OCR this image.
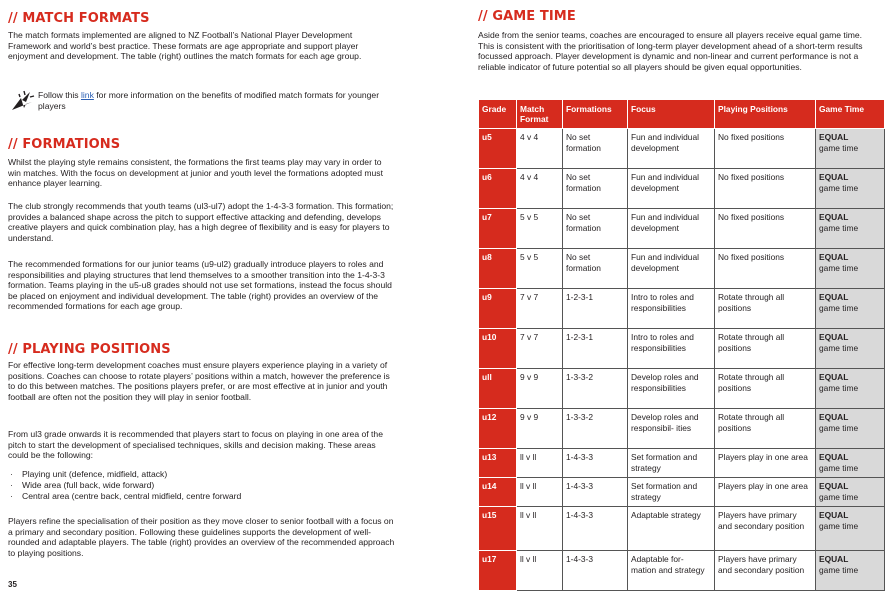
// MATCH FORMATS

The match formats implemented are aligned to NZ Football’s National Player Development Framework and world’s best practice. These formats are age appropriate and support player enjoyment and development. The table (right) outlines the match formats for each age group.

Follow this link for more information on the benefits of modified match formats for younger players
// FORMATIONS

Whilst the playing style remains consistent, the formations the first teams play may vary in order to win matches. With the focus on development at junior and youth level the formations adopted must enhance player learning.

The club strongly recommends that youth teams (ul3-ul7) adopt the 1-4-3-3 formation. This formation; provides a balanced shape across the pitch to support effective attacking and defending, develops creative players and quick combination play, has a high degree of flexibility and is easy for players to understand.

The recommended formations for our junior teams (u9-ul2) gradually introduce players to roles and responsibilities and playing structures that lend themselves to a smoother transition into the 1-4-3-3 formation. Teams playing in the u5-u8 grades should not use set formations, instead the focus should be placed on enjoyment and individual development. The table (right) provides an overview of the recommended formations for each age group.

// PLAYING POSITIONS

For effective long-term development coaches must ensure players experience playing in a variety of positions. Coaches can choose to rotate players’ positions within a match, however the preference is to do this between matches. The positions players prefer, or are most effective at in junior and youth football are often not the position they will play in senior football.

From ul3 grade onwards it is recommended that players start to focus on playing in one area of the pitch to start the development of specialised techniques, skills and decision making. These areas could be the following:

· Playing unit (defence, midfield, attack)
· Wide area (full back, wide forward)
· Central area (centre back, central midfield, centre forward

Players refine the specialisation of their position as they move closer to senior football with a focus on a primary and secondary position. Following these guidelines supports the development of well-rounded and adaptable players. The table (right) provides an overview of the recommended approach to playing positions.

35
// GAME TIME

Aside from the senior teams, coaches are encouraged to ensure all players receive equal game time. This is consistent with the prioritisation of long-term player development ahead of a short-term results focussed approach. Player development is dynamic and non-linear and current performance is not a reliable indicator of future potential so all players should be given equal opportunities.

Grade	Match Format	Formations	Focus	Playing Positions	Game Time
u5	4 v 4	No set formation	Fun and individual development	No fixed positions	EQUAL
game time

u6	4 v 4	No set formation	Fun and individual development	No fixed positions	EQUAL
game time

u7	5 v 5	No set formation	Fun and individual development	No fixed positions	EQUAL
game time

u8	5 v 5	No set formation	Fun and individual development	No fixed positions	EQUAL
game time

u9	7 v 7	1-2-3-1	Intro to roles and responsibilities	Rotate through all positions	EQUAL
game time

u10	7 v 7	1-2-3-1	Intro to roles and responsibilities	Rotate through all positions	EQUAL
game time

ull	9 v 9	1-3-3-2	Develop roles and responsibilities	Rotate through all positions	EQUAL
game time

u12	9 v 9	1-3-3-2	Develop roles and responsibil- ities	Rotate through all positions	EQUAL
game time

u13	ll v ll	1-4-3-3	Set formation and strategy	Players play in one area	EQUAL
game time

u14	ll v ll	1-4-3-3	Set formation and strategy	Players play in one area	EQUAL
game time

u15	ll v ll	1-4-3-3	Adaptable strategy	Players have primary and secondary position	EQUAL
game time

u17	ll v ll	1-4-3-3	Adaptable for- mation and strategy	Players have primary and secondary position	EQUAL
game time
